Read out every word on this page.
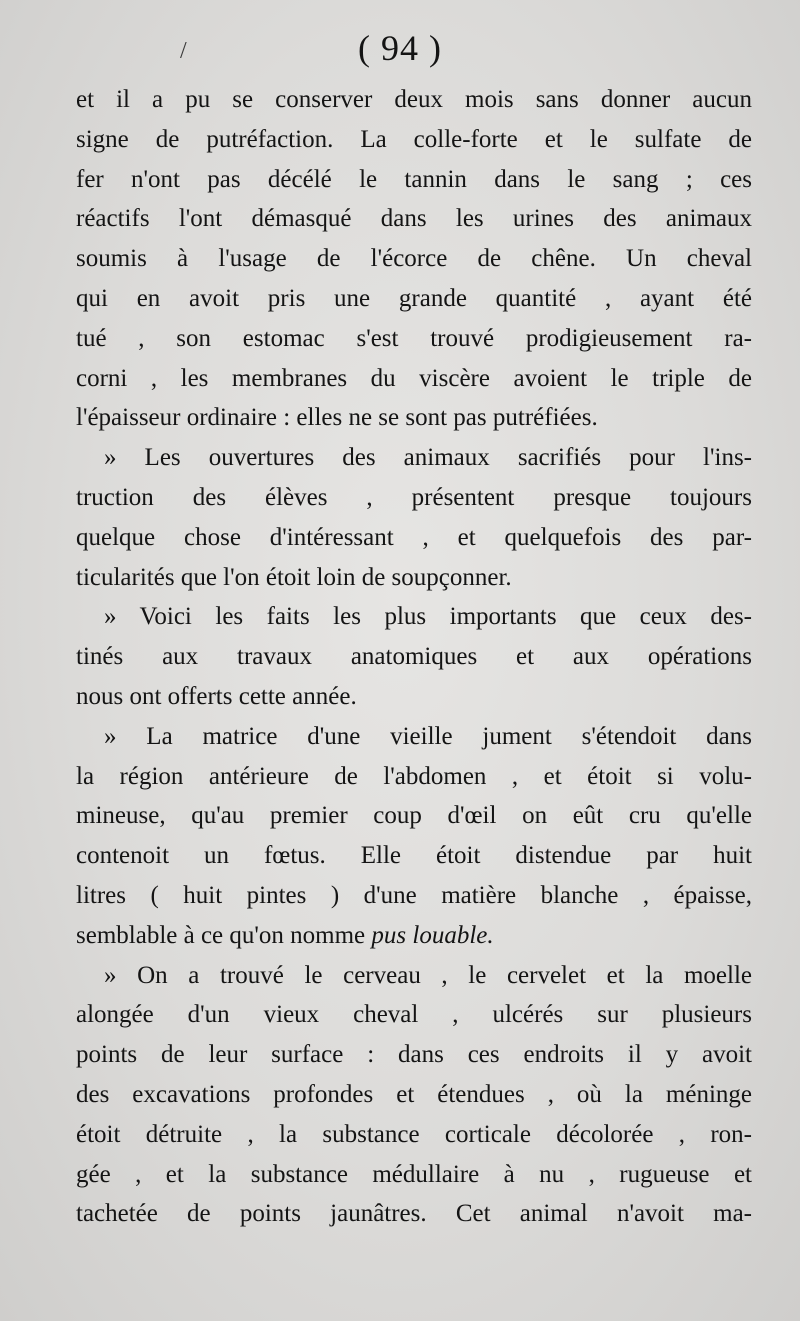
/	( 94 )
et il a pu se conserver deux mois sans donner aucun
signe de putréfaction. La colle-forte et le sulfate de
fer n'ont pas décélé le tannin dans le sang ; ces
réactifs l'ont démasqué dans les urines des animaux
soumis à l'usage de l'écorce de chêne. Un cheval
qui en avoit pris une grande quantité , ayant été
tué , son estomac s'est trouvé prodigieusement ra-
corni , les membranes du viscère avoient le triple de
l'épaisseur ordinaire : elles ne se sont pas putréfiées.
» Les ouvertures des animaux sacrifiés pour l'ins-
truction des élèves , présentent presque toujours
quelque chose d'intéressant , et quelquefois des par-
ticularités que l'on étoit loin de soupçonner.
» Voici les faits les plus importants que ceux des-
tinés aux travaux anatomiques et aux opérations
nous ont offerts cette année.
» La matrice d'une vieille jument s'étendoit dans
la région antérieure de l'abdomen , et étoit si volu-
mineuse, qu'au premier coup d'œil on eût cru qu'elle
contenoit un fœtus. Elle étoit distendue par huit
litres ( huit pintes ) d'une matière blanche , épaisse,
semblable à ce qu'on nomme pus louable.
» On a trouvé le cerveau , le cervelet et la moelle
alongée d'un vieux cheval , ulcérés sur plusieurs
points de leur surface : dans ces endroits il y avoit
des excavations profondes et étendues , où la méninge
étoit détruite , la substance corticale décolorée , ron-
gée , et la substance médullaire à nu , rugueuse et
tachetée de points jaunâtres. Cet animal n'avoit ma-
